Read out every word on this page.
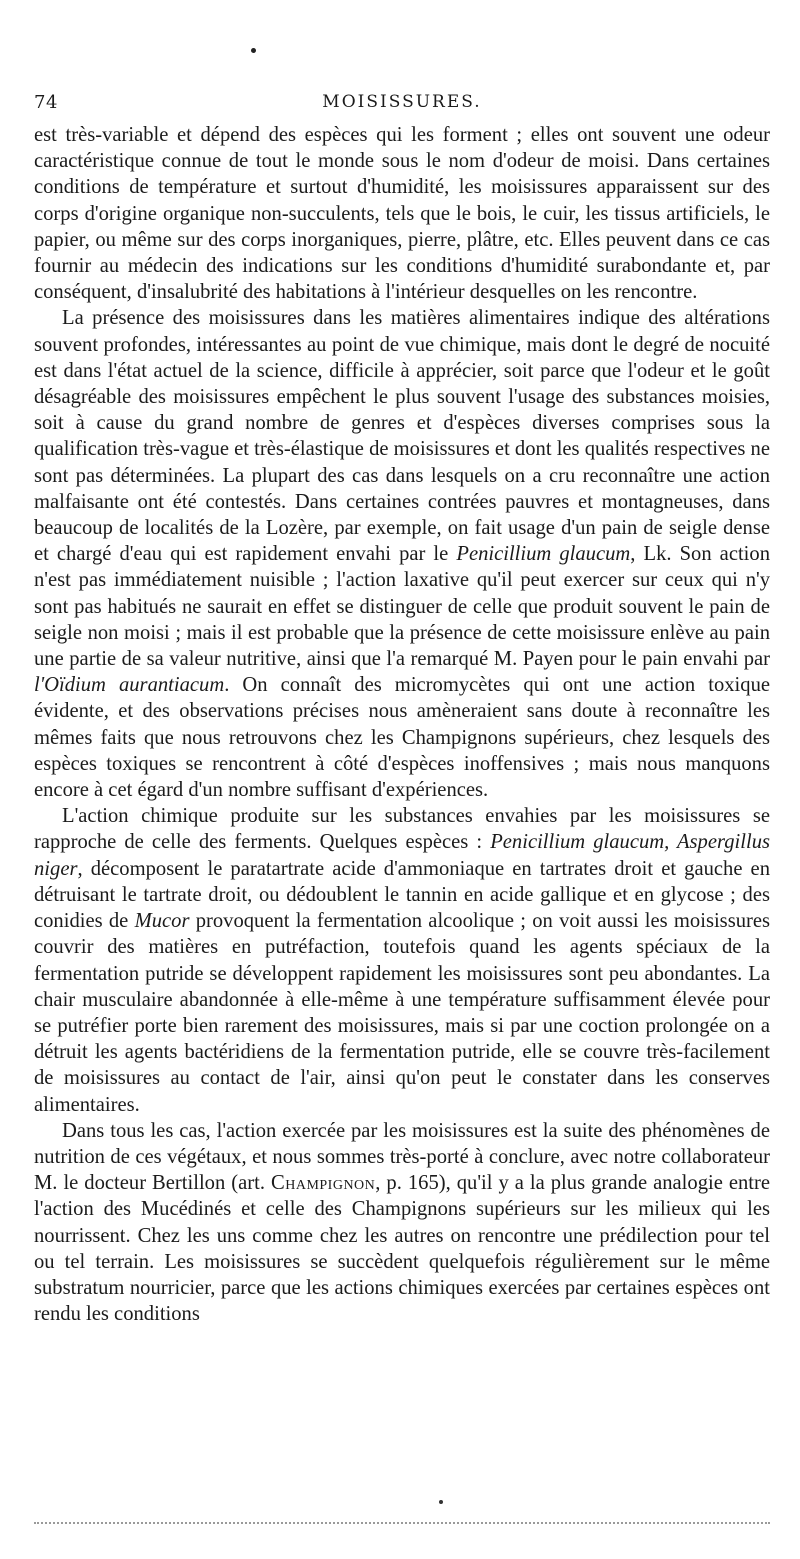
74	MOISISSURES.

est très-variable et dépend des espèces qui les forment ; elles ont souvent une odeur caractéristique connue de tout le monde sous le nom d'odeur de moisi. Dans certaines conditions de température et surtout d'humidité, les moisissures apparaissent sur des corps d'origine organique non-succulents, tels que le bois, le cuir, les tissus artificiels, le papier, ou même sur des corps inorganiques, pierre, plâtre, etc. Elles peuvent dans ce cas fournir au médecin des indications sur les conditions d'humidité surabondante et, par conséquent, d'insalubrité des habitations à l'intérieur desquelles on les rencontre.

La présence des moisissures dans les matières alimentaires indique des altérations souvent profondes, intéressantes au point de vue chimique, mais dont le degré de nocuité est dans l'état actuel de la science, difficile à apprécier, soit parce que l'odeur et le goût désagréable des moisissures empêchent le plus souvent l'usage des substances moisies, soit à cause du grand nombre de genres et d'espèces diverses comprises sous la qualification très-vague et très-élastique de moisissures et dont les qualités respectives ne sont pas déterminées. La plupart des cas dans lesquels on a cru reconnaître une action malfaisante ont été contestés. Dans certaines contrées pauvres et montagneuses, dans beaucoup de localités de la Lozère, par exemple, on fait usage d'un pain de seigle dense et chargé d'eau qui est rapidement envahi par le Penicillium glaucum, Lk. Son action n'est pas immédiatement nuisible ; l'action laxative qu'il peut exercer sur ceux qui n'y sont pas habitués ne saurait en effet se distinguer de celle que produit souvent le pain de seigle non moisi ; mais il est probable que la présence de cette moisissure enlève au pain une partie de sa valeur nutritive, ainsi que l'a remarqué M. Payen pour le pain envahi par l'Oïdium aurantiacum. On connaît des micromycètes qui ont une action toxique évidente, et des observations précises nous amèneraient sans doute à reconnaître les mêmes faits que nous retrouvons chez les Champignons supérieurs, chez lesquels des espèces toxiques se rencontrent à côté d'espèces inoffensives ; mais nous manquons encore à cet égard d'un nombre suffisant d'expériences.

L'action chimique produite sur les substances envahies par les moisissures se rapproche de celle des ferments. Quelques espèces : Penicillium glaucum, Aspergillus niger, décomposent le paratartrate acide d'ammoniaque en tartrates droit et gauche en détruisant le tartrate droit, ou dédoublent le tannin en acide gallique et en glycose ; des conidies de Mucor provoquent la fermentation alcoolique ; on voit aussi les moisissures couvrir des matières en putréfaction, toutefois quand les agents spéciaux de la fermentation putride se développent rapidement les moisissures sont peu abondantes. La chair musculaire abandonnée à elle-même à une température suffisamment élevée pour se putréfier porte bien rarement des moisissures, mais si par une coction prolongée on a détruit les agents bactéridiens de la fermentation putride, elle se couvre très-facilement de moisissures au contact de l'air, ainsi qu'on peut le constater dans les conserves alimentaires.

Dans tous les cas, l'action exercée par les moisissures est la suite des phénomènes de nutrition de ces végétaux, et nous sommes très-porté à conclure, avec notre collaborateur M. le docteur Bertillon (art. Champignon, p. 165), qu'il y a la plus grande analogie entre l'action des Mucédinés et celle des Champignons supérieurs sur les milieux qui les nourrissent. Chez les uns comme chez les autres on rencontre une prédilection pour tel ou tel terrain. Les moisissures se succèdent quelquefois régulièrement sur le même substratum nourricier, parce que les actions chimiques exercées par certaines espèces ont rendu les conditions
